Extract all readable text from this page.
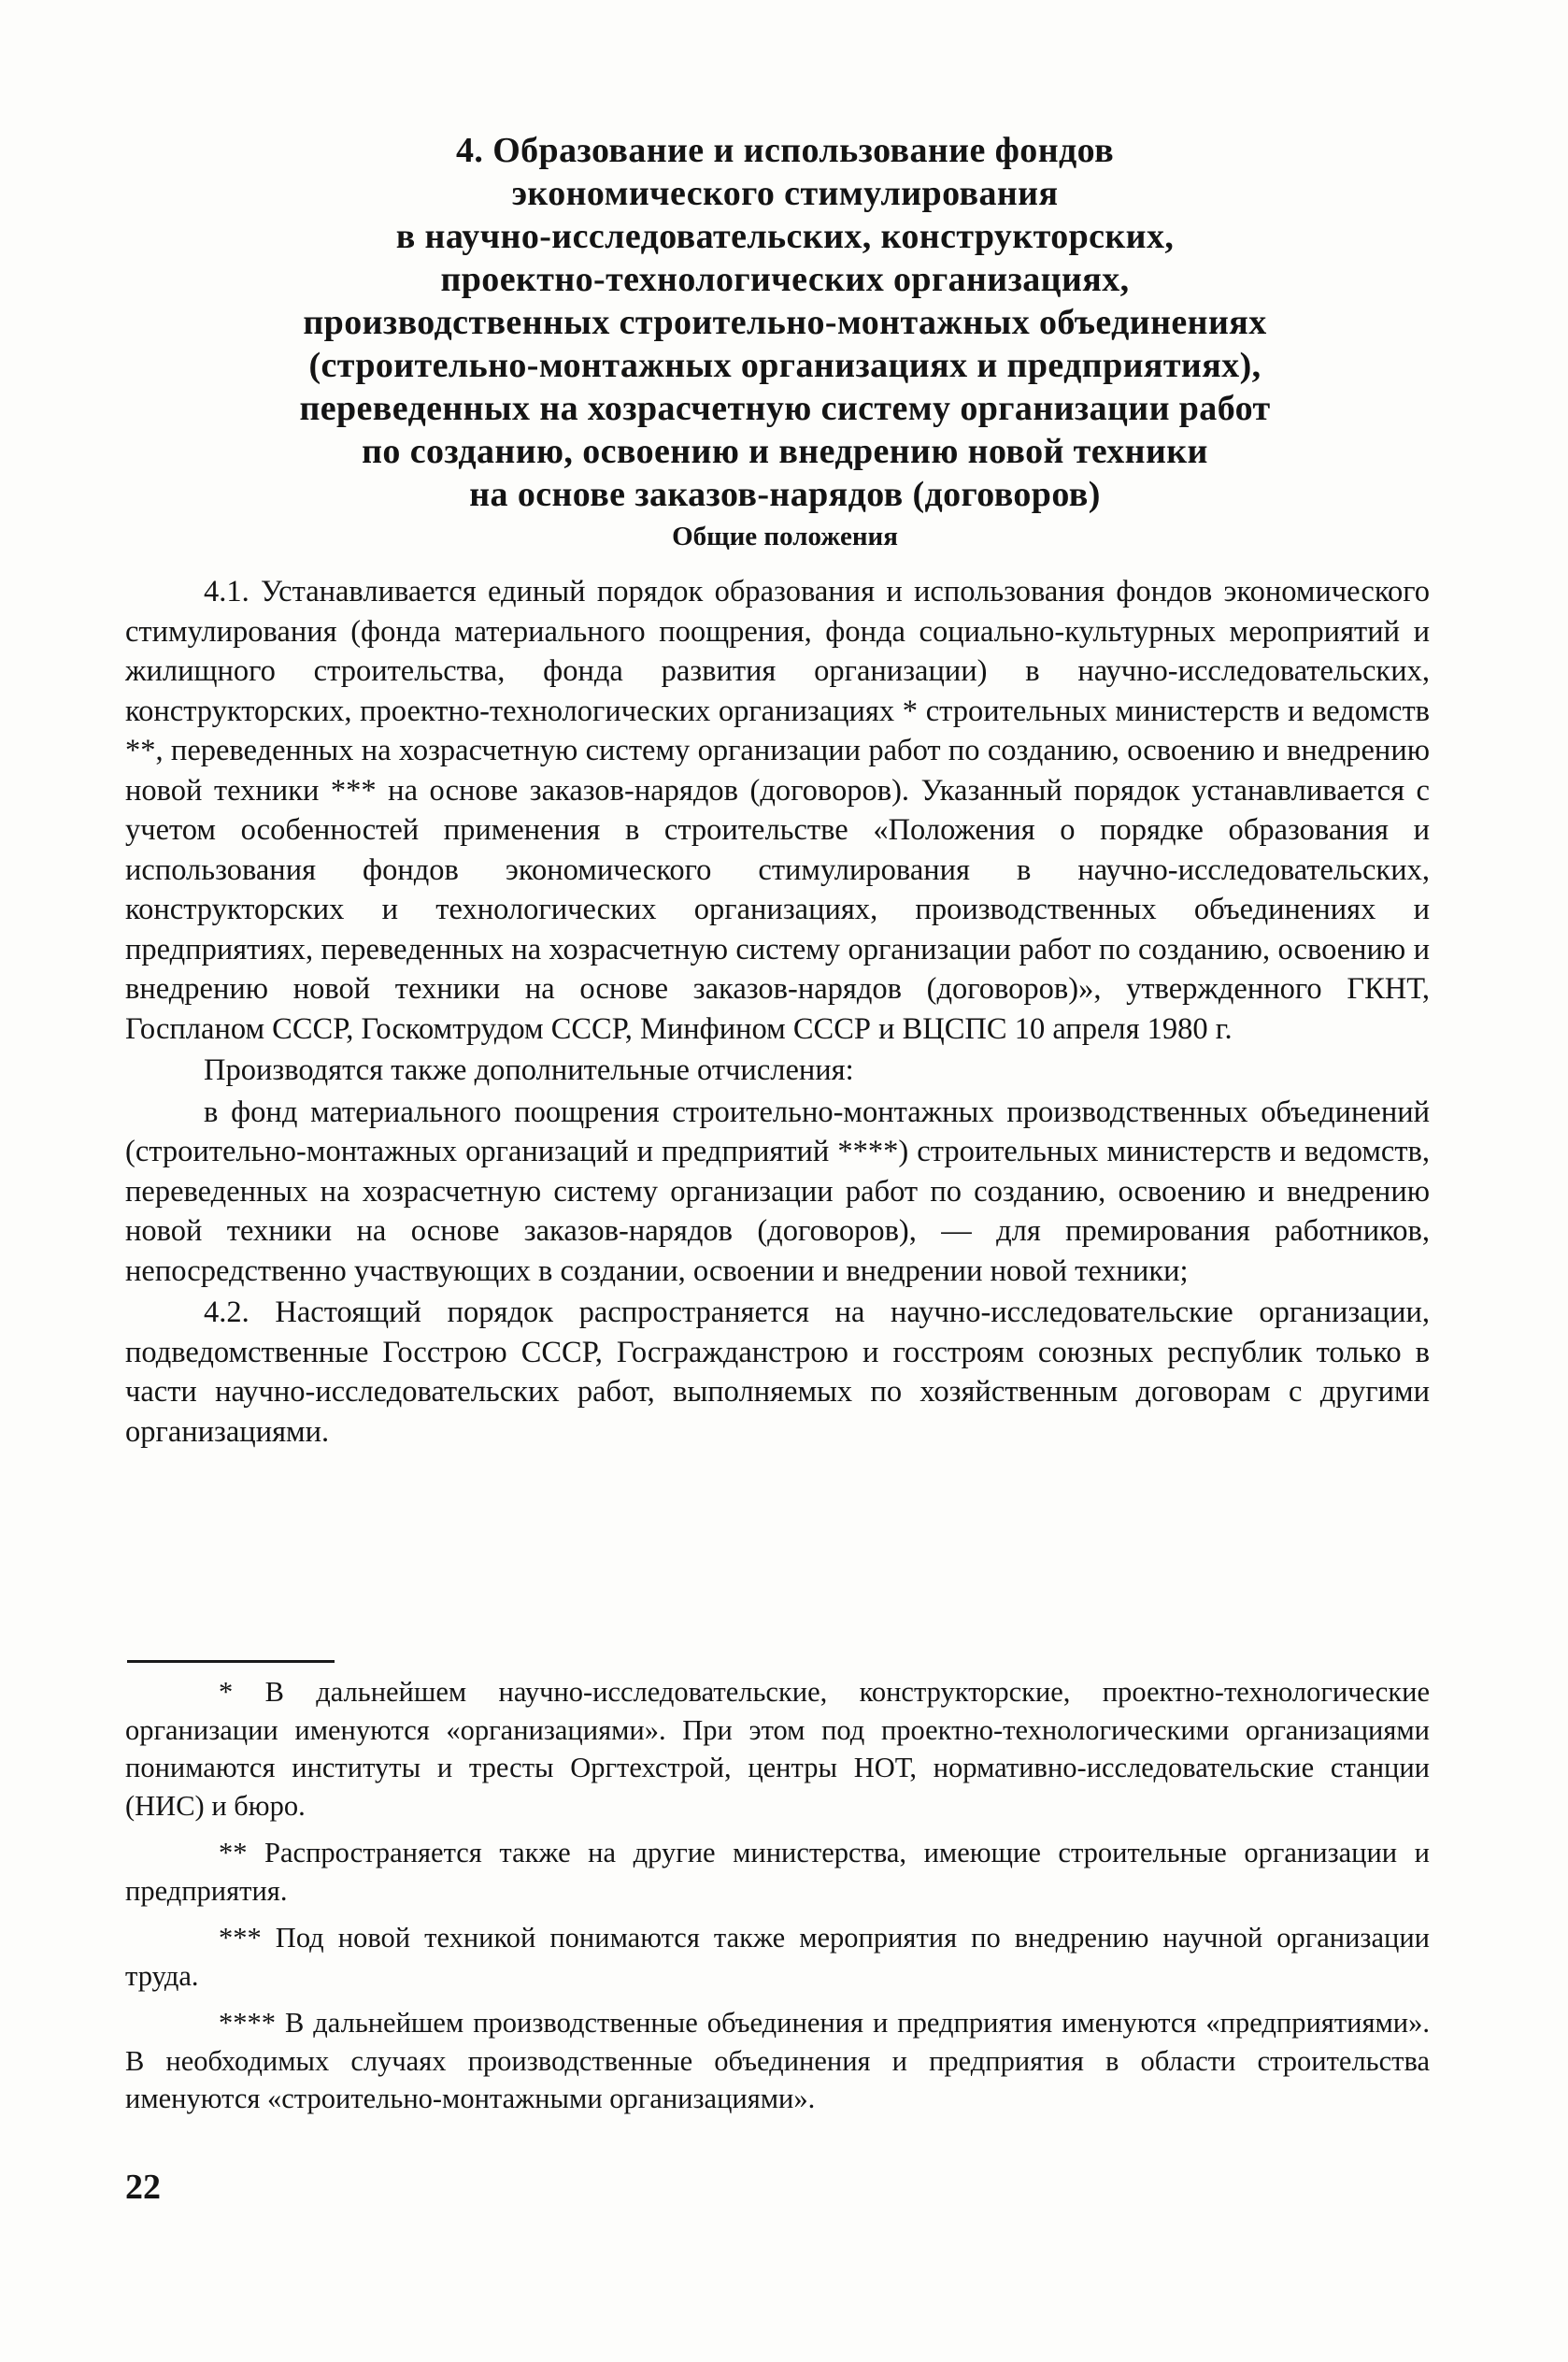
4. Образование и использование фондов
экономического стимулирования
в научно-исследовательских, конструкторских,
проектно-технологических организациях,
производственных строительно-монтажных объединениях
(строительно-монтажных организациях и предприятиях),
переведенных на хозрасчетную систему организации работ
по созданию, освоению и внедрению новой техники
на основе заказов-нарядов (договоров)
Общие положения

4.1. Устанавливается единый порядок образования и использования фондов экономического стимулирования (фонда материального поощрения, фонда социально-культурных мероприятий и жилищного строительства, фонда развития организации) в научно-исследовательских, конструкторских, проектно-технологических организациях * строительных министерств и ведомств **, переведенных на хозрасчетную систему организации работ по созданию, освоению и внедрению новой техники *** на основе заказов-нарядов (договоров). Указанный порядок устанавливается с учетом особенностей применения в строительстве «Положения о порядке образования и использования фондов экономического стимулирования в научно-исследовательских, конструкторских и технологических организациях, производственных объединениях и предприятиях, переведенных на хозрасчетную систему организации работ по созданию, освоению и внедрению новой техники на основе заказов-нарядов (договоров)», утвержденного ГКНТ, Госпланом СССР, Госкомтрудом СССР, Минфином СССР и ВЦСПС 10 апреля 1980 г.

Производятся также дополнительные отчисления:

в фонд материального поощрения строительно-монтажных производственных объединений (строительно-монтажных организаций и предприятий ****) строительных министерств и ведомств, переведенных на хозрасчетную систему организации работ по созданию, освоению и внедрению новой техники на основе заказов-нарядов (договоров), — для премирования работников, непосредственно участвующих в создании, освоении и внедрении новой техники;

4.2. Настоящий порядок распространяется на научно-исследовательские организации, подведомственные Госстрою СССР, Госгражданстрою и госстроям союзных республик только в части научно-исследовательских работ, выполняемых по хозяйственным договорам с другими организациями.

* В дальнейшем научно-исследовательские, конструкторские, проектно-технологические организации именуются «организациями». При этом под проектно-технологическими организациями понимаются институты и тресты Оргтехстрой, центры НОТ, нормативно-исследовательские станции (НИС) и бюро.

** Распространяется также на другие министерства, имеющие строительные организации и предприятия.

*** Под новой техникой понимаются также мероприятия по внедрению научной организации труда.

**** В дальнейшем производственные объединения и предприятия именуются «предприятиями». В необходимых случаях производственные объединения и предприятия в области строительства именуются «строительно-монтажными организациями».

22
